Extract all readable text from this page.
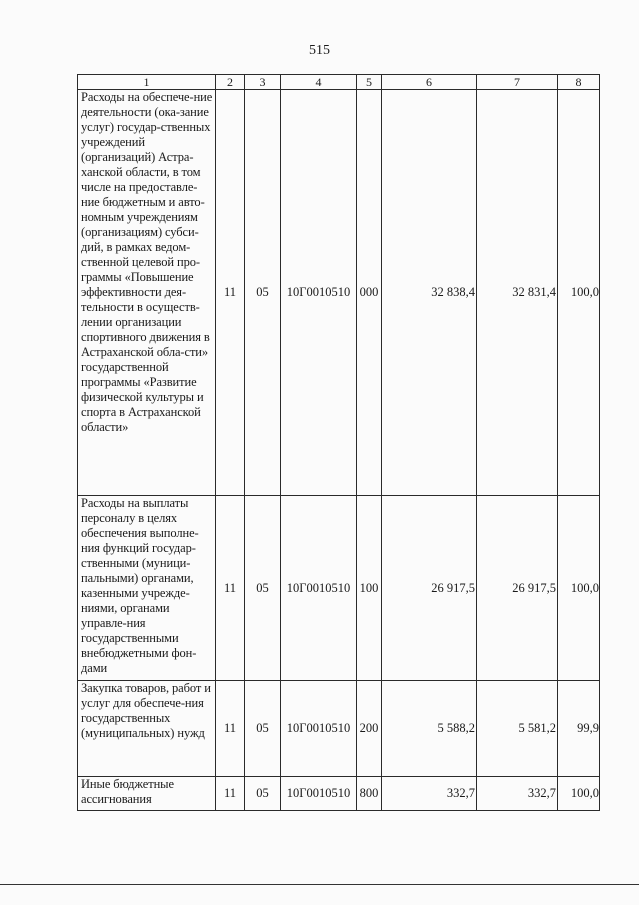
515
1	2	3	4	5	6	7	8
Расходы на обеспече-ние деятельности (ока-зание услуг) государ-ственных учреждений (организаций) Астра-ханской области, в том числе на предоставле-ние бюджетным и авто-номным учреждениям (организациям) субси-дий, в рамках ведом-ственной целевой про-граммы «Повышение эффективности дея-тельности в осуществ-лении организации спортивного движения в Астраханской обла-сти» государственной программы «Развитие физической культуры и спорта в Астраханской области»	11	05	10Г0010510	000	32 838,4	32 831,4	100,0
Расходы на выплаты персоналу в целях обеспечения выполне-ния функций государ-ственными (муници-пальными) органами, казенными учрежде-ниями, органами управле-ния государственными внебюджетными фон-дами	11	05	10Г0010510	100	26 917,5	26 917,5	100,0
Закупка товаров, работ и услуг для обеспече-ния государственных (муниципальных) нужд	11	05	10Г0010510	200	5 588,2	5 581,2	99,9
Иные бюджетные ассигнования	11	05	10Г0010510	800	332,7	332,7	100,0
